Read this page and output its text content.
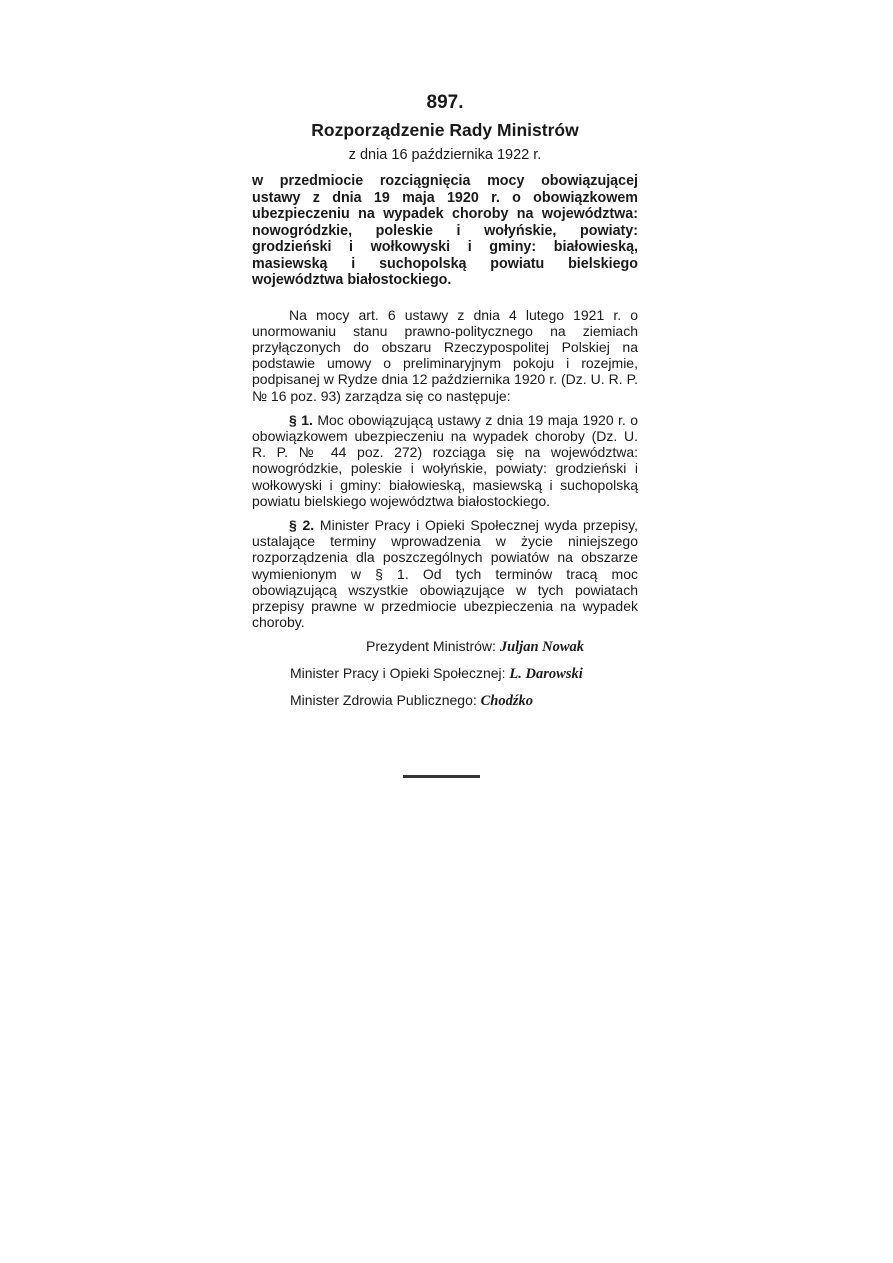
897.
Rozporządzenie Rady Ministrów
z dnia 16 października 1922 r.
w przedmiocie rozciągnięcia mocy obowiązującej ustawy z dnia 19 maja 1920 r. o obowiązkowem ubezpieczeniu na wypadek choroby na województwa: nowogródzkie, poleskie i wołyńskie, powiaty: grodzieński i wołkowyski i gminy: białowieską, masiewską i suchopolską powiatu bielskiego województwa białostockiego.

Na mocy art. 6 ustawy z dnia 4 lutego 1921 r. o unormowaniu stanu prawno-politycznego na ziemiach przyłączonych do obszaru Rzeczypospolitej Polskiej na podstawie umowy o preliminaryjnym pokoju i rozejmie, podpisanej w Rydze dnia 12 października 1920 r. (Dz. U. R. P. № 16 poz. 93) zarządza się co następuje:

§ 1. Moc obowiązującą ustawy z dnia 19 maja 1920 r. o obowiązkowem ubezpieczeniu na wypadek choroby (Dz. U. R. P. № 44 poz. 272) rozciąga się na województwa: nowogródzkie, poleskie i wołyńskie, powiaty: grodzieński i wołkowyski i gminy: białowieską, masiewską i suchopolską powiatu bielskiego województwa białostockiego.

§ 2. Minister Pracy i Opieki Społecznej wyda przepisy, ustalające terminy wprowadzenia w życie niniejszego rozporządzenia dla poszczególnych powiatów na obszarze wymienionym w § 1. Od tych terminów tracą moc obowiązującą wszystkie obowiązujące w tych powiatach przepisy prawne w przedmiocie ubezpieczenia na wypadek choroby.

Prezydent Ministrów: Juljan Nowak

Minister Pracy i Opieki Społecznej: L. Darowski

Minister Zdrowia Publicznego: Chodźko
